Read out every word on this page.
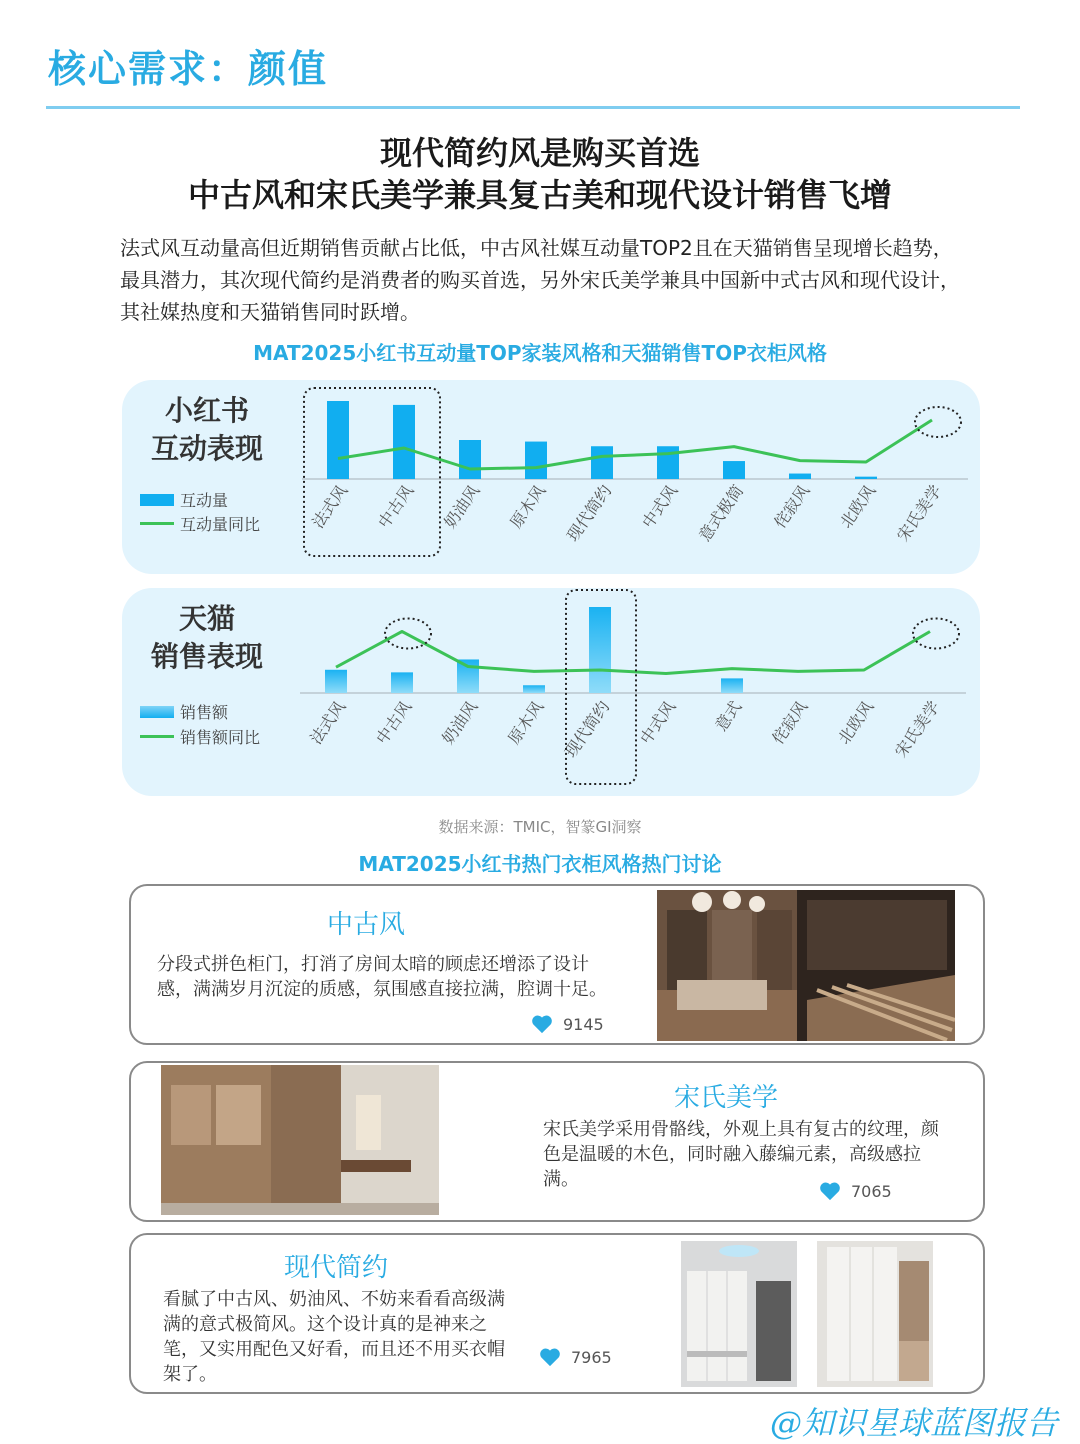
核心需求：颜值
现代简约风是购买首选
中古风和宋氏美学兼具复古美和现代设计销售飞增
法式风互动量高但近期销售贡献占比低，中古风社媒互动量TOP2且在天猫销售呈现增长趋势，最具潜力，其次现代简约是消费者的购买首选，另外宋氏美学兼具中国新中式古风和现代设计，其社媒热度和天猫销售同时跃增。
MAT2025小红书互动量TOP家装风格和天猫销售TOP衣柜风格
小红书
互动表现
互动量
互动量同比	法式风 中古风 奶油风 原木风 现代简约 中式风 意式极简 侘寂风 北欧风 宋氏美学
天猫
销售表现
销售额
销售额同比	法式风 中古风 奶油风 原木风 现代简约 中式风 意式 侘寂风 北欧风 宋氏美学
数据来源：TMIC，智篆GI洞察
MAT2025小红书热门衣柜风格热门讨论
中古风
分段式拼色柜门，打消了房间太暗的顾虑还增添了设计感，满满岁月沉淀的质感，氛围感直接拉满，腔调十足。
9145
宋氏美学
宋氏美学采用骨骼线，外观上具有复古的纹理，颜色是温暖的木色，同时融入藤编元素，高级感拉满。
7065
现代简约
看腻了中古风、奶油风、不妨来看看高级满满的意式极简风。这个设计真的是神来之笔，又实用配色又好看，而且还不用买衣帽架了。
7965
@知识星球蓝图报告
